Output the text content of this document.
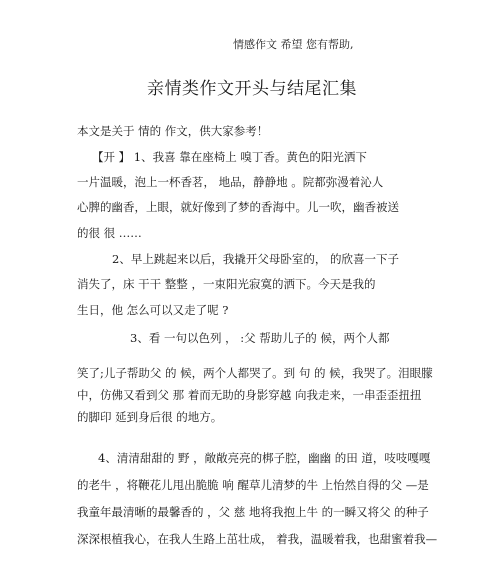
情感作文 希望 您有帮助,
亲情类作文开头与结尾汇集
本文是关于 情的 作文，供大家参考！
【开 】 1、我喜 靠在座椅上 嗅丁香。黄色的阳光洒下
一片温暖，泡上一杯香茗， 地品，静静地 。院都弥漫着沁人
心脾的幽香，上眼，就好像到了梦的香海中。儿一吹，幽香被送
的很 很 ……
2、早上跳起来以后，我撬开父母卧室的， 的欣喜一下子
消失了，床 干干 整整 ，一束阳光寂寞的洒下。今天是我的
生日，他 怎么可以又走了呢 ?
3、看 一句以色列 ， :父 帮助儿子的 候，两个人都
笑了;儿子帮助父 的 候，两个人都哭了。到 句 的 候，我哭了。泪眼朦
中，仿佛又看到父 那 着而无助的身影穿越 向我走来，一串歪歪扭扭
的脚印 延到身后很 的地方。
4、清清甜甜的 野 ，敞敞亮亮的梆子腔，幽幽 的田 道，吱吱嘎嘎
的老牛 ，将鞭花儿甩出脆脆 响 醒草儿清梦的牛 上怡然自得的父 —是
我童年最清晰的最馨香的 ，父 慈 地将我抱上牛 的一瞬又将父 的种子
深深根植我心，在我人生路上茁壮成， 着我，温暖着我，也甜蜜着我—
